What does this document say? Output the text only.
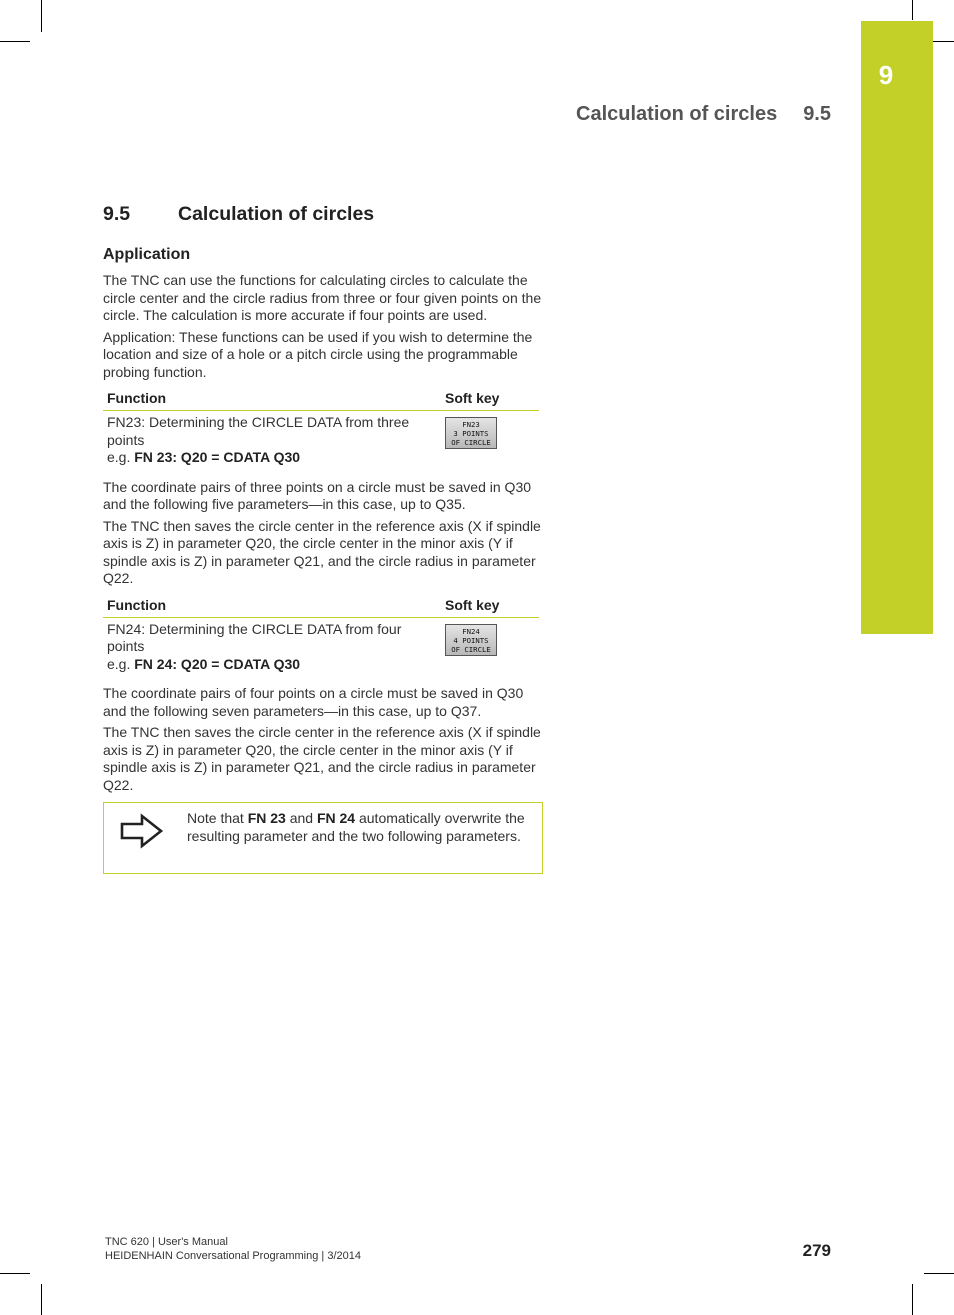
9
Calculation of circles 9.5
9.5	Calculation of circles
Application

The TNC can use the functions for calculating circles to calculate the circle center and the circle radius from three or four given points on the circle. The calculation is more accurate if four points are used.

Application: These functions can be used if you wish to determine the location and size of a hole or a pitch circle using the programmable probing function.

Function	Soft key
FN23: Determining the CIRCLE DATA from three points
e.g. FN 23: Q20 = CDATA Q30	FN23
3 POINTS
OF CIRCLE

The coordinate pairs of three points on a circle must be saved in Q30 and the following five parameters—in this case, up to Q35.

The TNC then saves the circle center in the reference axis (X if spindle axis is Z) in parameter Q20, the circle center in the minor axis (Y if spindle axis is Z) in parameter Q21, and the circle radius in parameter Q22.

Function	Soft key
FN24: Determining the CIRCLE DATA from four points
e.g. FN 24: Q20 = CDATA Q30	FN24
4 POINTS
OF CIRCLE

The coordinate pairs of four points on a circle must be saved in Q30 and the following seven parameters—in this case, up to Q37.

The TNC then saves the circle center in the reference axis (X if spindle axis is Z) in parameter Q20, the circle center in the minor axis (Y if spindle axis is Z) in parameter Q21, and the circle radius in parameter Q22.

Note that FN 23 and FN 24 automatically overwrite the resulting parameter and the two following parameters.
TNC 620 | User's Manual
HEIDENHAIN Conversational Programming | 3/2014	279
